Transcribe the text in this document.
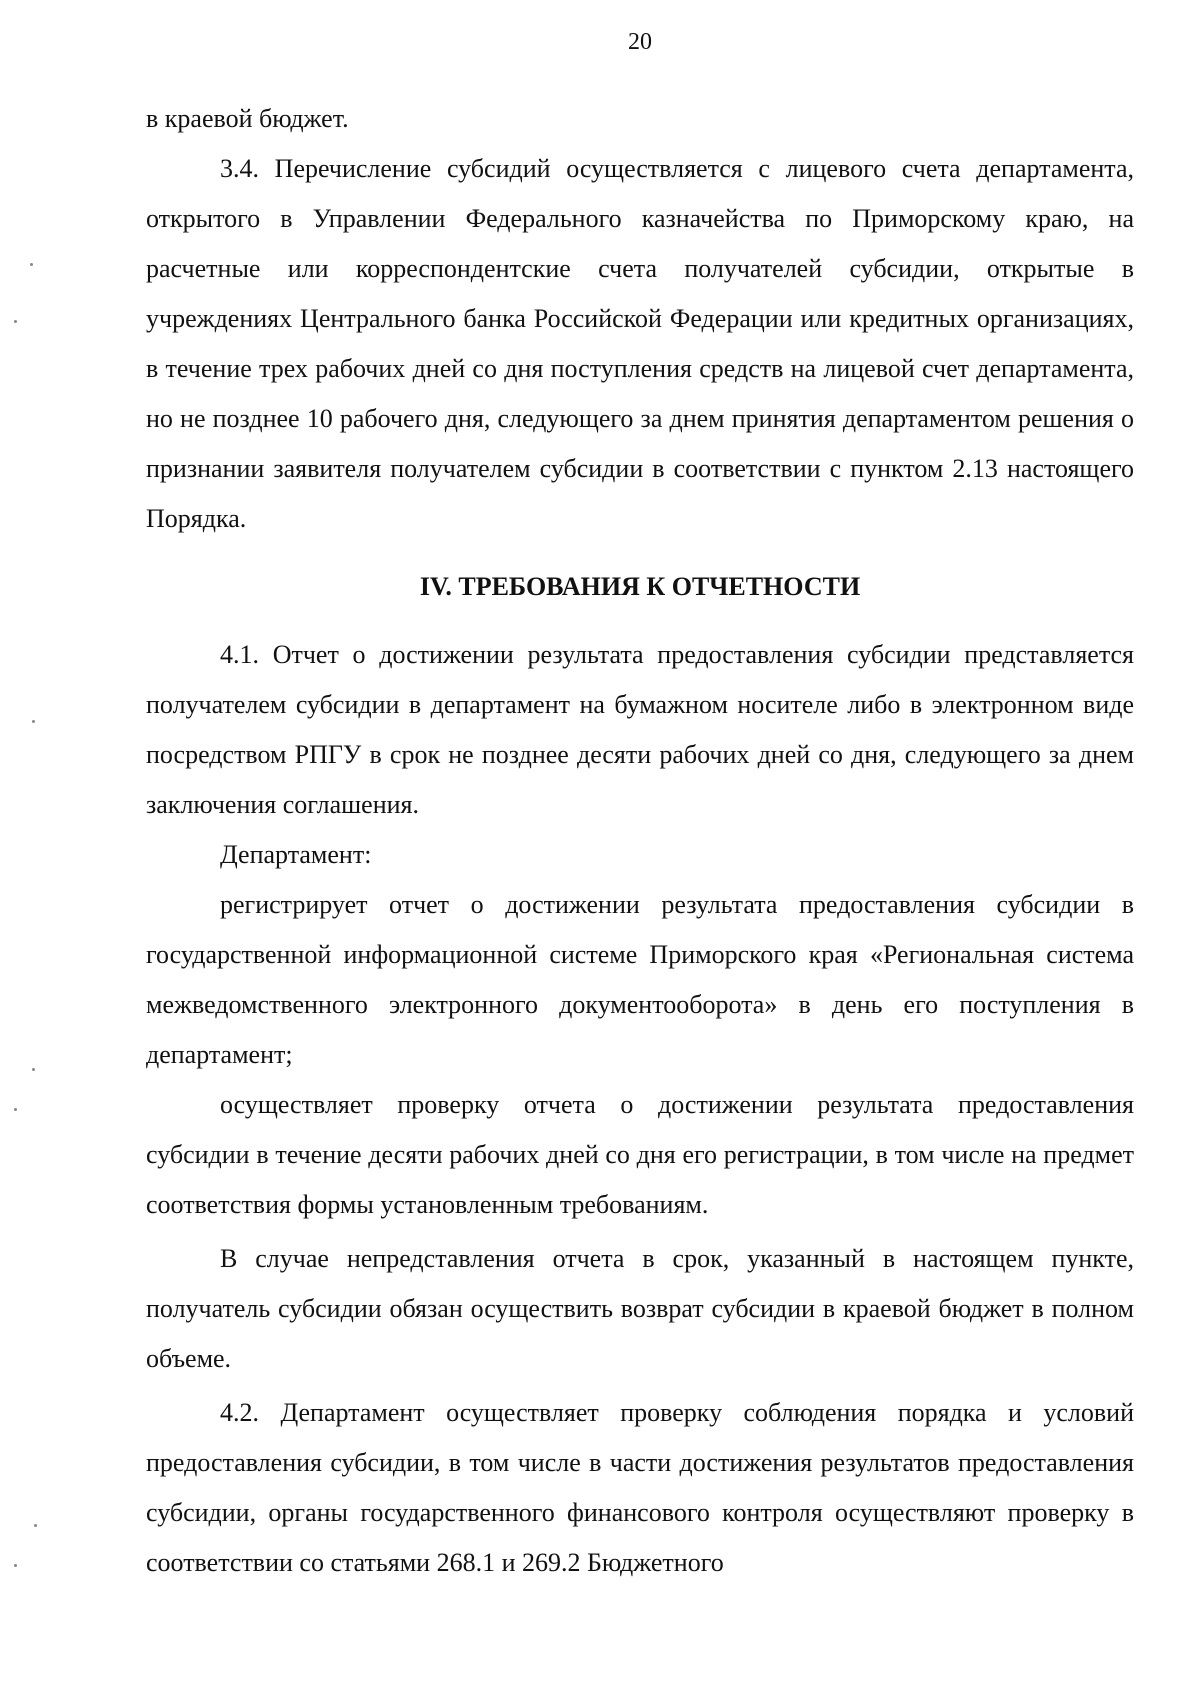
20

в краевой бюджет.

3.4. Перечисление субсидий осуществляется с лицевого счета департамента, открытого в Управлении Федерального казначейства по Приморскому краю, на расчетные или корреспондентские счета получателей субсидии, открытые в учреждениях Центрального банка Российской Федерации или кредитных организациях, в течение трех рабочих дней со дня поступления средств на лицевой счет департамента, но не позднее 10 рабочего дня, следующего за днем принятия департаментом решения о признании заявителя получателем субсидии в соответствии с пунктом 2.13 настоящего Порядка.

IV. ТРЕБОВАНИЯ К ОТЧЕТНОСТИ

4.1. Отчет о достижении результата предоставления субсидии представляется получателем субсидии в департамент на бумажном носителе либо в электронном виде посредством РПГУ в срок не позднее десяти рабочих дней со дня, следующего за днем заключения соглашения.

Департамент:

регистрирует отчет о достижении результата предоставления субсидии в государственной информационной системе Приморского края «Региональная система межведомственного электронного документооборота» в день его поступления в департамент;

осуществляет проверку отчета о достижении результата предоставления субсидии в течение десяти рабочих дней со дня его регистрации, в том числе на предмет соответствия формы установленным требованиям.

В случае непредставления отчета в срок, указанный в настоящем пункте, получатель субсидии обязан осуществить возврат субсидии в краевой бюджет в полном объеме.

4.2. Департамент осуществляет проверку соблюдения порядка и условий предоставления субсидии, в том числе в части достижения результатов предоставления субсидии, органы государственного финансового контроля осуществляют проверку в соответствии со статьями 268.1 и 269.2 Бюджетного
